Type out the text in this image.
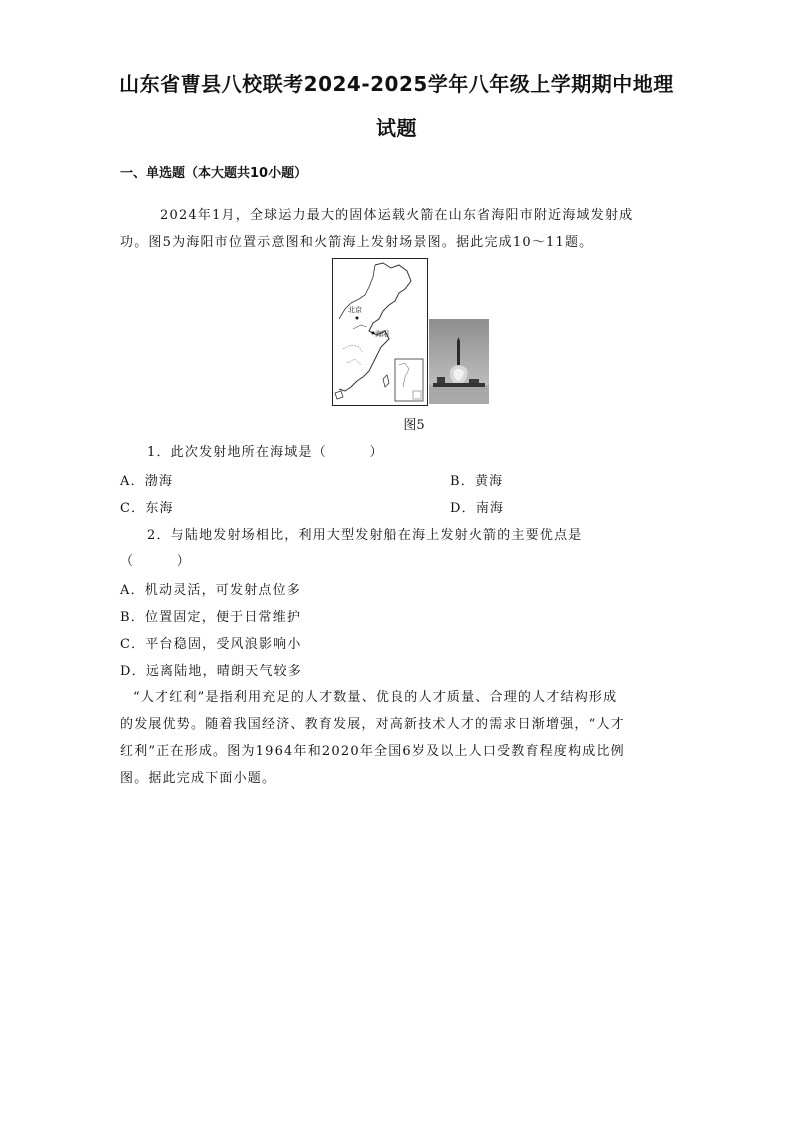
山东省曹县八校联考2024-2025学年八年级上学期期中地理
试题
一、单选题（本大题共10小题）
2024年1月，全球运力最大的固体运载火箭在山东省海阳市附近海域发射成
功。图5为海阳市位置示意图和火箭海上发射场景图。据此完成10～11题。
北京
海阳
图5
1．此次发射地所在海域是（　　　）
A．渤海	B．黄海
C．东海	D．南海
2．与陆地发射场相比，利用大型发射船在海上发射火箭的主要优点是
（　　　）
A．机动灵活，可发射点位多
B．位置固定，便于日常维护
C．平台稳固，受风浪影响小
D．远离陆地，晴朗天气较多
“人才红利”是指利用充足的人才数量、优良的人才质量、合理的人才结构形成
的发展优势。随着我国经济、教育发展，对高新技术人才的需求日渐增强，“人才
红利”正在形成。图为1964年和2020年全国6岁及以上人口受教育程度构成比例
图。据此完成下面小题。
